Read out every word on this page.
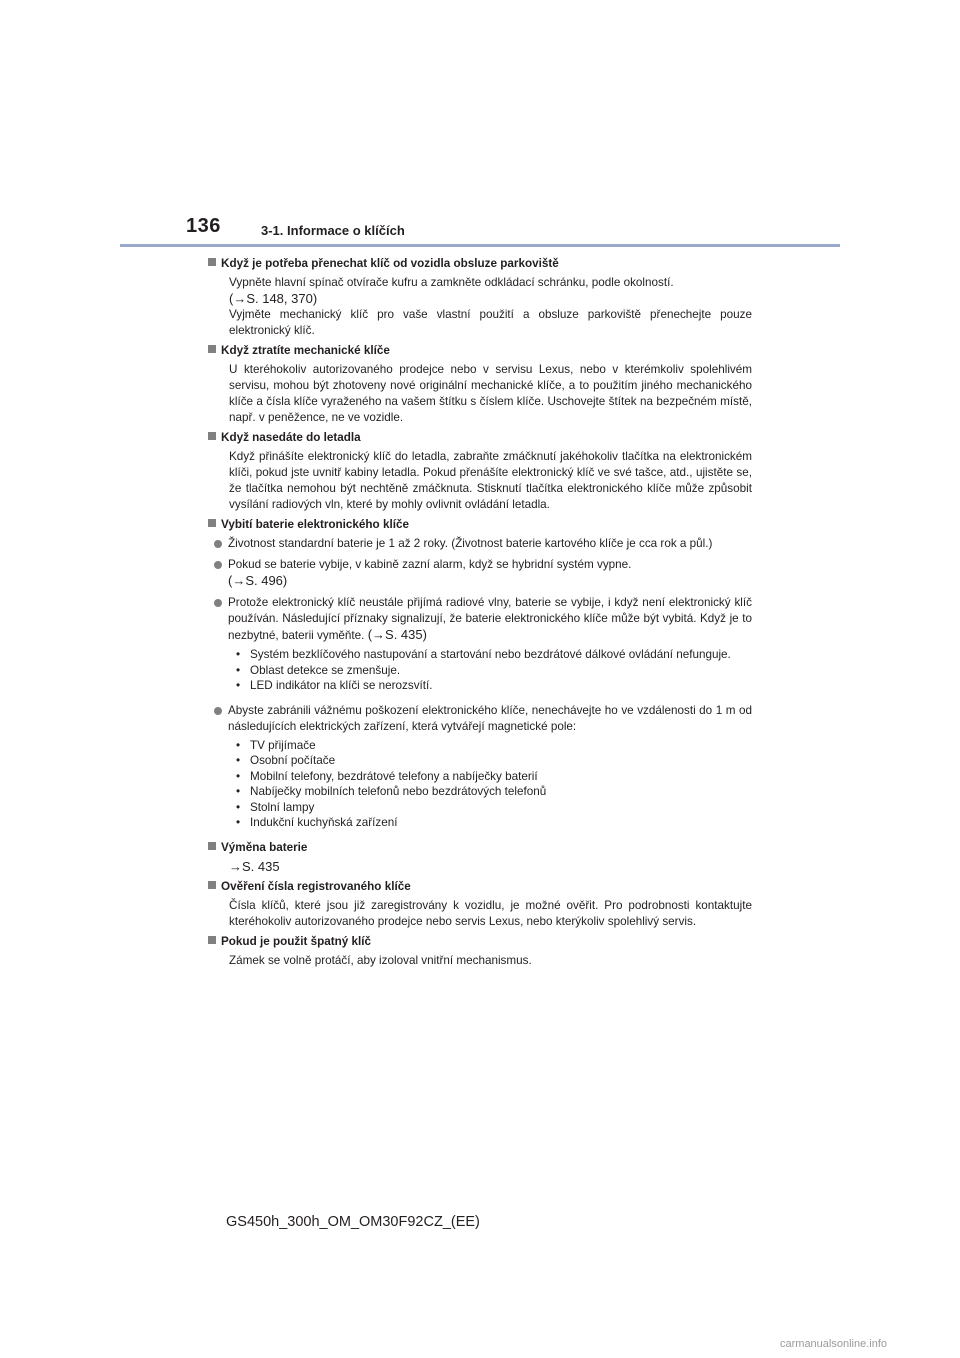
136	3-1. Informace o klíčích
Když je potřeba přenechat klíč od vozidla obsluze parkoviště

Vypněte hlavní spínač otvírače kufru a zamkněte odkládací schránku, podle okolností.

(→S. 148, 370)

Vyjměte mechanický klíč pro vaše vlastní použití a obsluze parkoviště přenechejte pouze elektronický klíč.

Když ztratíte mechanické klíče

U kteréhokoliv autorizovaného prodejce nebo v servisu Lexus, nebo v kterémkoliv spolehlivém servisu, mohou být zhotoveny nové originální mechanické klíče, a to použitím jiného mechanického klíče a čísla klíče vyraženého na vašem štítku s číslem klíče. Uschovejte štítek na bezpečném místě, např. v peněžence, ne ve vozidle.

Když nasedáte do letadla

Když přinášíte elektronický klíč do letadla, zabraňte zmáčknutí jakéhokoliv tlačítka na elektronickém klíči, pokud jste uvnitř kabiny letadla. Pokud přenášíte elektronický klíč ve své tašce, atd., ujistěte se, že tlačítka nemohou být nechtěně zmáčknuta. Stisknutí tlačítka elektronického klíče může způsobit vysílání radiových vln, které by mohly ovlivnit ovládání letadla.

Vybití baterie elektronického klíče
Životnost standardní baterie je 1 až 2 roky. (Životnost baterie kartového klíče je cca rok a půl.)
Pokud se baterie vybije, v kabině zazní alarm, když se hybridní systém vypne.
(→S. 496)
Protože elektronický klíč neustále přijímá radiové vlny, baterie se vybije, i když není elektronický klíč používán. Následující příznaky signalizují, že baterie elektronického klíče může být vybitá. Když je to nezbytné, baterii vyměňte. (→S. 435)
• Systém bezklíčového nastupování a startování nebo bezdrátové dálkové ovládání nefunguje.
• Oblast detekce se zmenšuje.
• LED indikátor na klíči se nerozsvítí.
Abyste zabránili vážnému poškození elektronického klíče, nenechávejte ho ve vzdálenosti do 1 m od následujících elektrických zařízení, která vytvářejí magnetické pole:
• TV přijímače
• Osobní počítače
• Mobilní telefony, bezdrátové telefony a nabíječky baterií
• Nabíječky mobilních telefonů nebo bezdrátových telefonů
• Stolní lampy
• Indukční kuchyňská zařízení
Výměna baterie

→S. 435

Ověření čísla registrovaného klíče

Čísla klíčů, které jsou již zaregistrovány k vozidlu, je možné ověřit. Pro podrobnosti kontaktujte kteréhokoliv autorizovaného prodejce nebo servis Lexus, nebo kterýkoliv spolehlivý servis.

Pokud je použit špatný klíč

Zámek se volně protáčí, aby izoloval vnitřní mechanismus.

GS450h_300h_OM_OM30F92CZ_(EE)
carmanualsonline.info
